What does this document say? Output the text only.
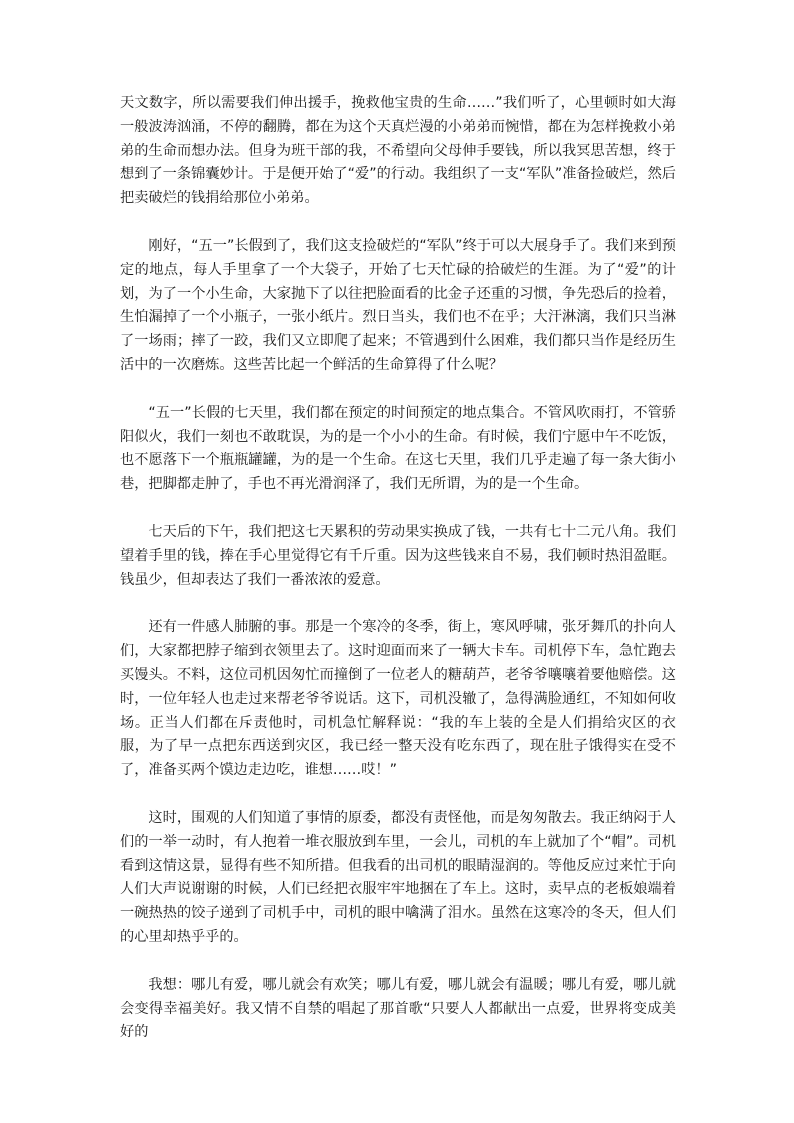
天文数字，所以需要我们伸出援手，挽救他宝贵的生命……”我们听了，心里顿时如大海一般波涛汹涌，不停的翻腾，都在为这个天真烂漫的小弟弟而惋惜，都在为怎样挽救小弟弟的生命而想办法。但身为班干部的我，不希望向父母伸手要钱，所以我冥思苦想，终于想到了一条锦囊妙计。于是便开始了“爱”的行动。我组织了一支“军队”准备捡破烂，然后把卖破烂的钱捐给那位小弟弟。

刚好，“五一”长假到了，我们这支捡破烂的“军队”终于可以大展身手了。我们来到预定的地点，每人手里拿了一个大袋子，开始了七天忙碌的拾破烂的生涯。为了“爱”的计划，为了一个小生命，大家抛下了以往把脸面看的比金子还重的习惯，争先恐后的捡着，生怕漏掉了一个小瓶子，一张小纸片。烈日当头，我们也不在乎；大汗淋漓，我们只当淋了一场雨；摔了一跤，我们又立即爬了起来；不管遇到什么困难，我们都只当作是经历生活中的一次磨炼。这些苦比起一个鲜活的生命算得了什么呢？

“五一”长假的七天里，我们都在预定的时间预定的地点集合。不管风吹雨打，不管骄阳似火，我们一刻也不敢耽误，为的是一个小小的生命。有时候，我们宁愿中午不吃饭，也不愿落下一个瓶瓶罐罐，为的是一个生命。在这七天里，我们几乎走遍了每一条大街小巷，把脚都走肿了，手也不再光滑润泽了，我们无所谓，为的是一个生命。

七天后的下午，我们把这七天累积的劳动果实换成了钱，一共有七十二元八角。我们望着手里的钱，捧在手心里觉得它有千斤重。因为这些钱来自不易，我们顿时热泪盈眶。钱虽少，但却表达了我们一番浓浓的爱意。

还有一件感人肺腑的事。那是一个寒冷的冬季，街上，寒风呼啸，张牙舞爪的扑向人们，大家都把脖子缩到衣领里去了。这时迎面而来了一辆大卡车。司机停下车，急忙跑去买馒头。不料，这位司机因匆忙而撞倒了一位老人的糖葫芦，老爷爷嚷嚷着要他赔偿。这时，一位年轻人也走过来帮老爷爷说话。这下，司机没辙了，急得满脸通红，不知如何收场。正当人们都在斥责他时，司机急忙解释说：“我的车上装的全是人们捐给灾区的衣服，为了早一点把东西送到灾区，我已经一整天没有吃东西了，现在肚子饿得实在受不了，准备买两个馍边走边吃，谁想……哎！”

这时，围观的人们知道了事情的原委，都没有责怪他，而是匆匆散去。我正纳闷于人们的一举一动时，有人抱着一堆衣服放到车里，一会儿，司机的车上就加了个“帽”。司机看到这情这景，显得有些不知所措。但我看的出司机的眼睛湿润的。等他反应过来忙于向人们大声说谢谢的时候，人们已经把衣服牢牢地捆在了车上。这时，卖早点的老板娘端着一碗热热的饺子递到了司机手中，司机的眼中噙满了泪水。虽然在这寒冷的冬天，但人们的心里却热乎乎的。

我想：哪儿有爱，哪儿就会有欢笑；哪儿有爱，哪儿就会有温暖；哪儿有爱，哪儿就会变得幸福美好。我又情不自禁的唱起了那首歌“只要人人都献出一点爱，世界将变成美好的
